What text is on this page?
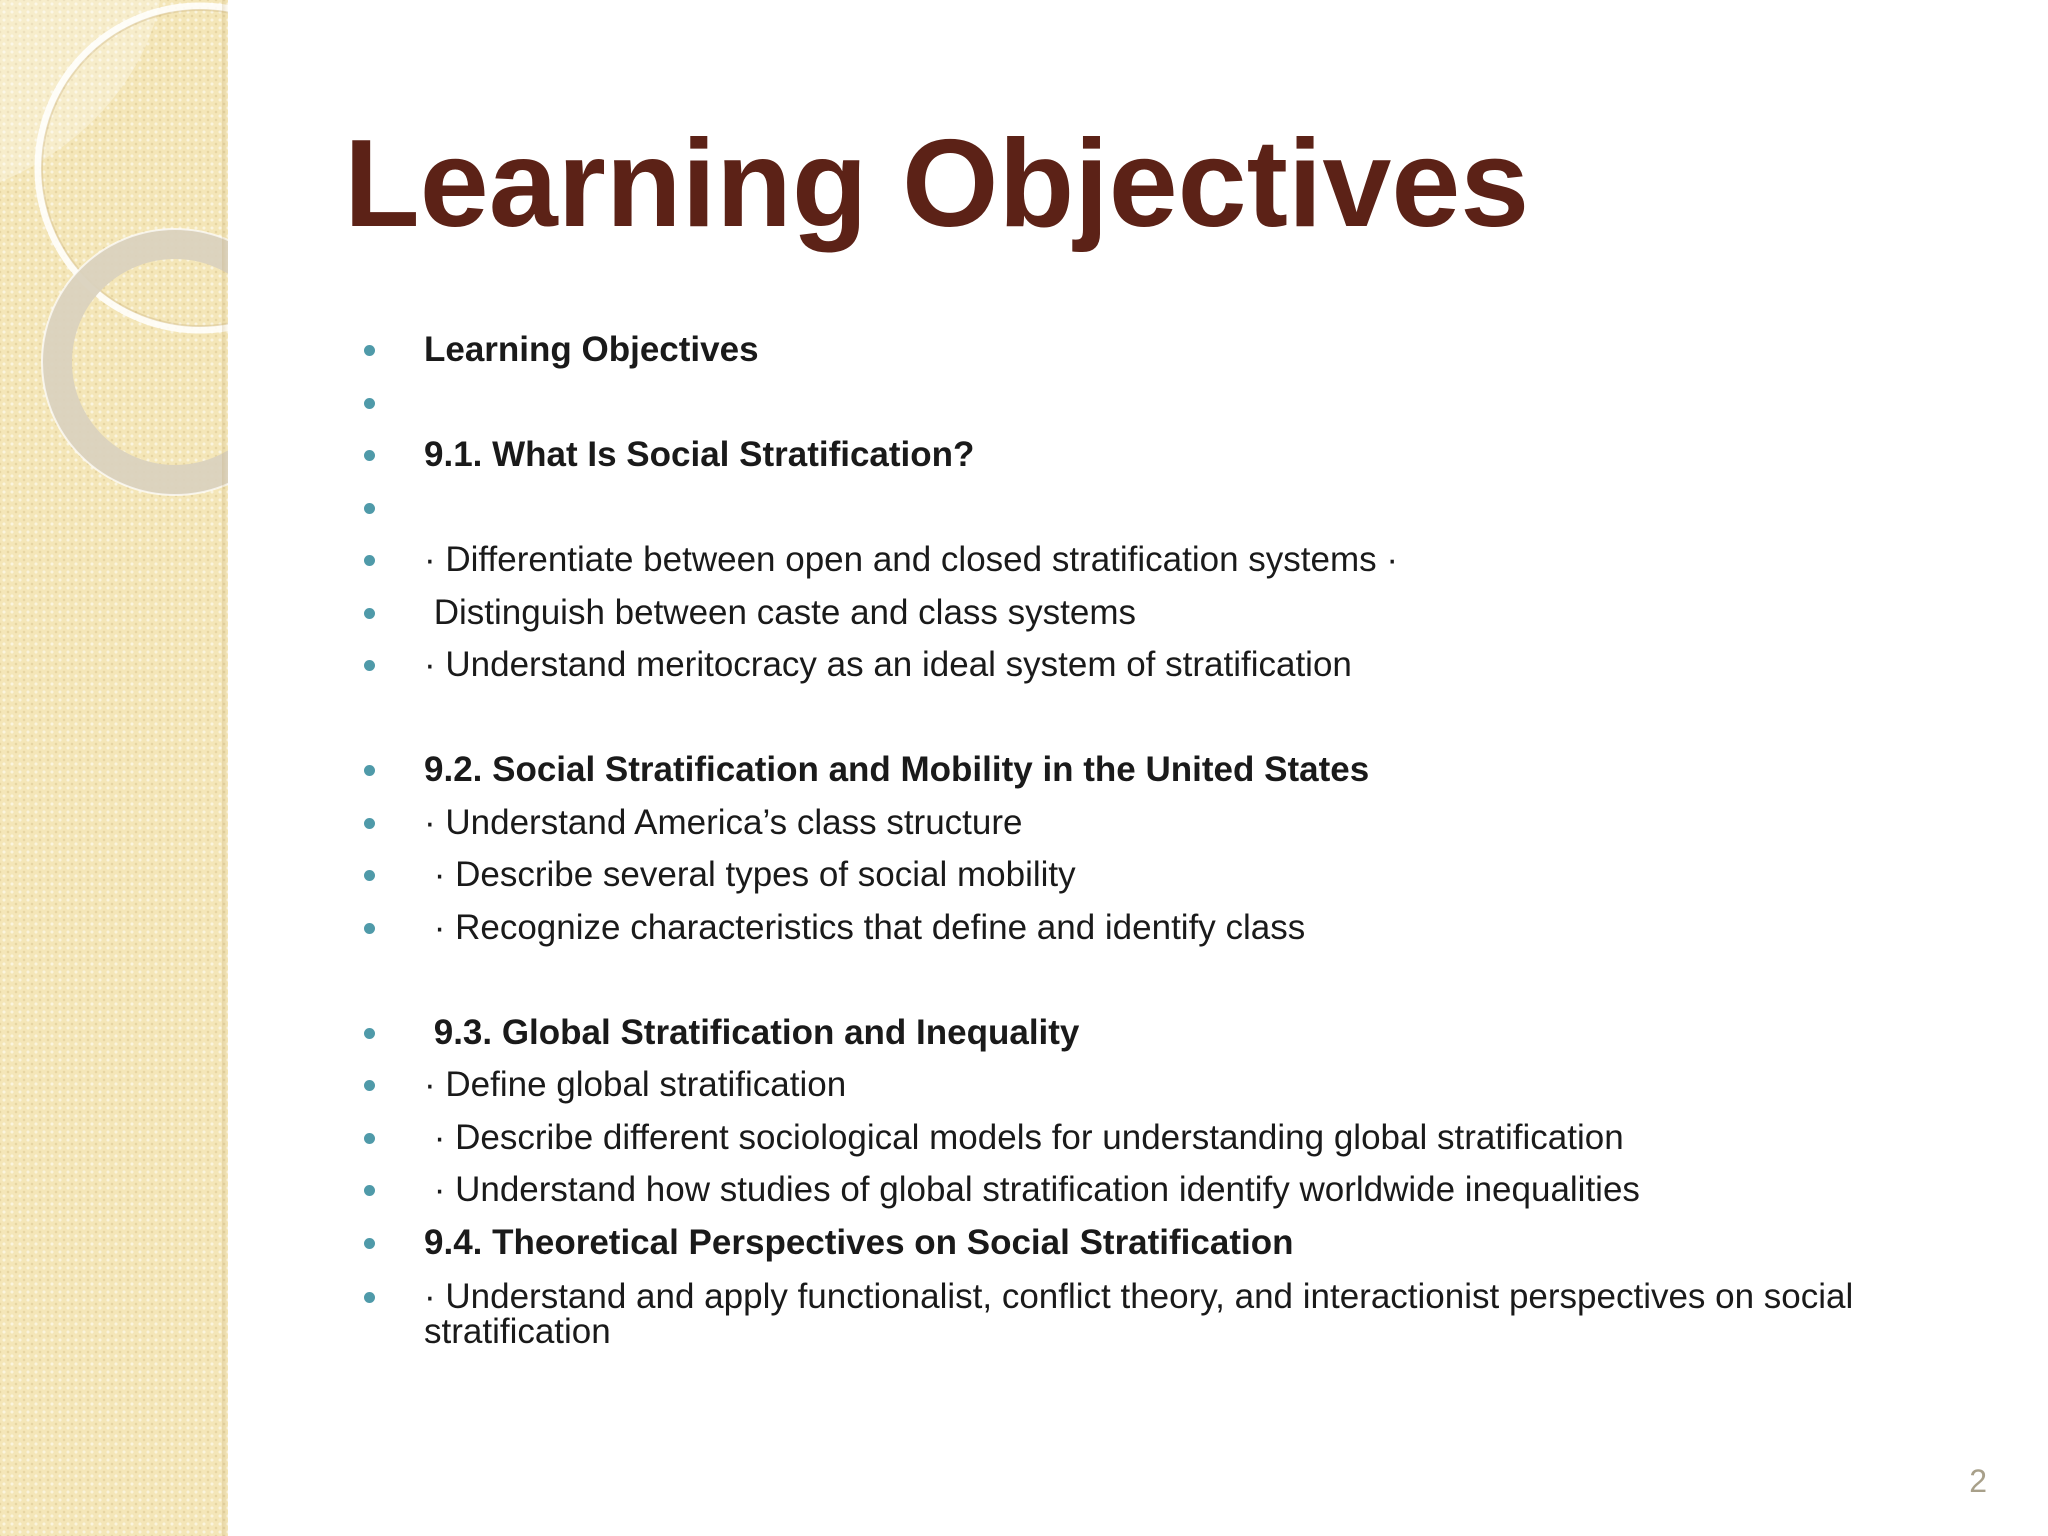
Learning Objectives
Learning Objectives
9.1. What Is Social Stratification?
· Differentiate between open and closed stratification systems ·
Distinguish between caste and class systems
· Understand meritocracy as an ideal system of stratification
9.2. Social Stratification and Mobility in the United States
· Understand America’s class structure
· Describe several types of social mobility
· Recognize characteristics that define and identify class
9.3. Global Stratification and Inequality
· Define global stratification
· Describe different sociological models for understanding global stratification
· Understand how studies of global stratification identify worldwide inequalities
9.4. Theoretical Perspectives on Social Stratification
· Understand and apply functionalist, conflict theory, and interactionist perspectives on social stratification
2
